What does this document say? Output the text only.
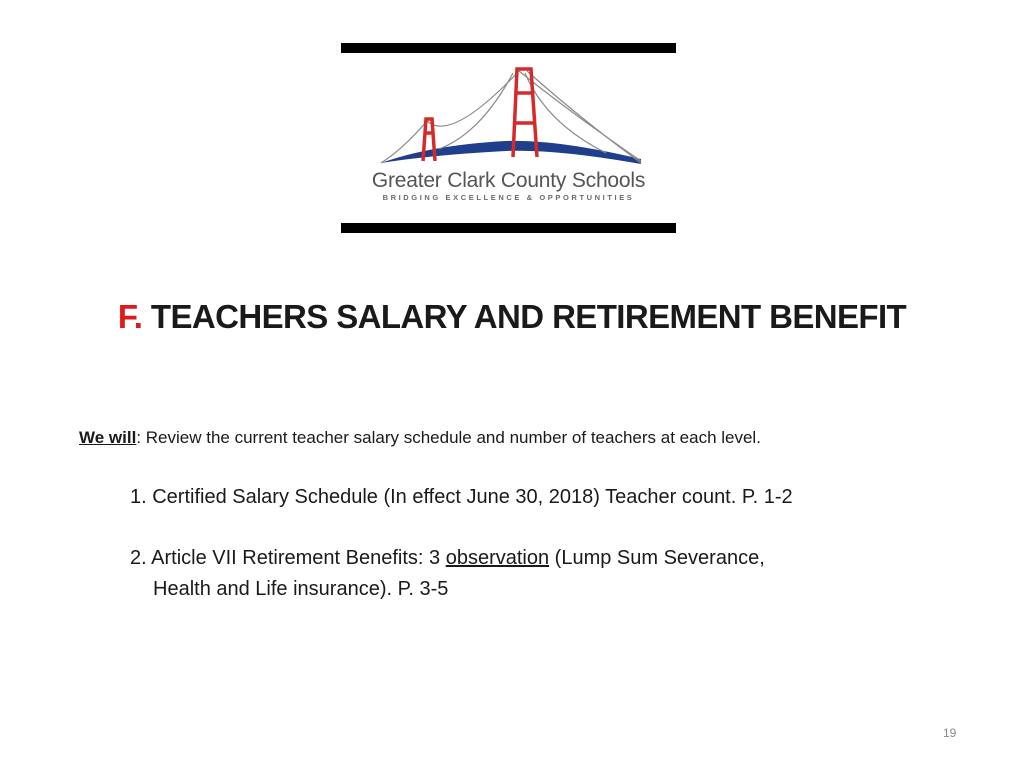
Greater Clark County Schools
BRIDGING EXCELLENCE & OPPORTUNITIES
F. TEACHERS SALARY AND RETIREMENT BENEFIT
We will: Review the current teacher salary schedule and number of teachers at each level.
1. Certified Salary Schedule (In effect June 30, 2018) Teacher count. P. 1-2
2. Article VII Retirement Benefits: 3 observation (Lump Sum Severance,
Health and Life insurance). P. 3-5
19
